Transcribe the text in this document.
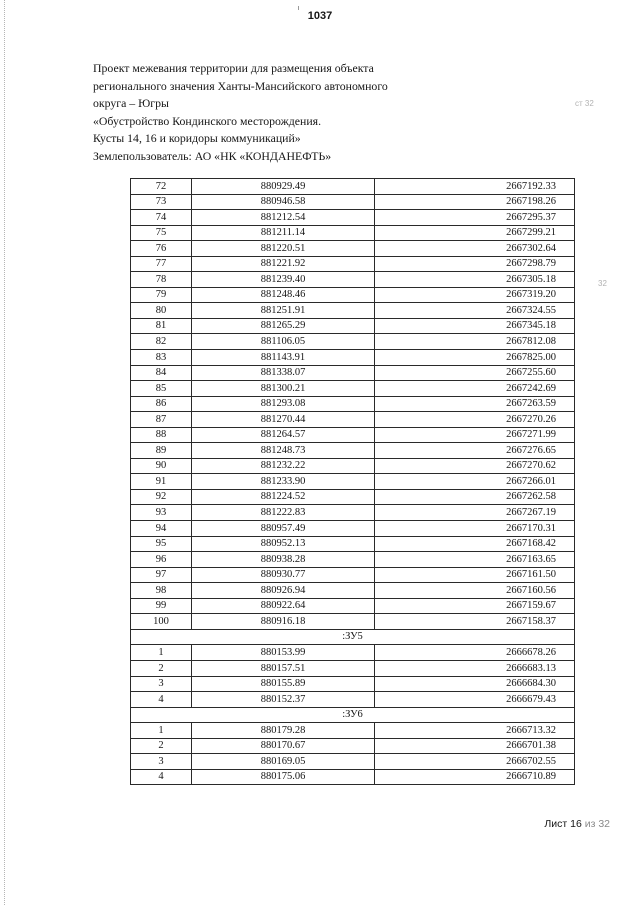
1037
Проект межевания территории для размещения объекта
регионального значения Ханты-Мансийского автономного
округа – Югры
«Обустройство Кондинского месторождения.
Кусты 14, 16 и коридоры коммуникаций»
Землепользователь: АО «НК «КОНДАНЕФТЬ»
ст 32
32
72	880929.49	2667192.33
73	880946.58	2667198.26
74	881212.54	2667295.37
75	881211.14	2667299.21
76	881220.51	2667302.64
77	881221.92	2667298.79
78	881239.40	2667305.18
79	881248.46	2667319.20
80	881251.91	2667324.55
81	881265.29	2667345.18
82	881106.05	2667812.08
83	881143.91	2667825.00
84	881338.07	2667255.60
85	881300.21	2667242.69
86	881293.08	2667263.59
87	881270.44	2667270.26
88	881264.57	2667271.99
89	881248.73	2667276.65
90	881232.22	2667270.62
91	881233.90	2667266.01
92	881224.52	2667262.58
93	881222.83	2667267.19
94	880957.49	2667170.31
95	880952.13	2667168.42
96	880938.28	2667163.65
97	880930.77	2667161.50
98	880926.94	2667160.56
99	880922.64	2667159.67
100	880916.18	2667158.37
:ЗУ5		
1	880153.99	2666678.26
2	880157.51	2666683.13
3	880155.89	2666684.30
4	880152.37	2666679.43
:ЗУ6		
1	880179.28	2666713.32
2	880170.67	2666701.38
3	880169.05	2666702.55
4	880175.06	2666710.89
Лист 16 из 32
